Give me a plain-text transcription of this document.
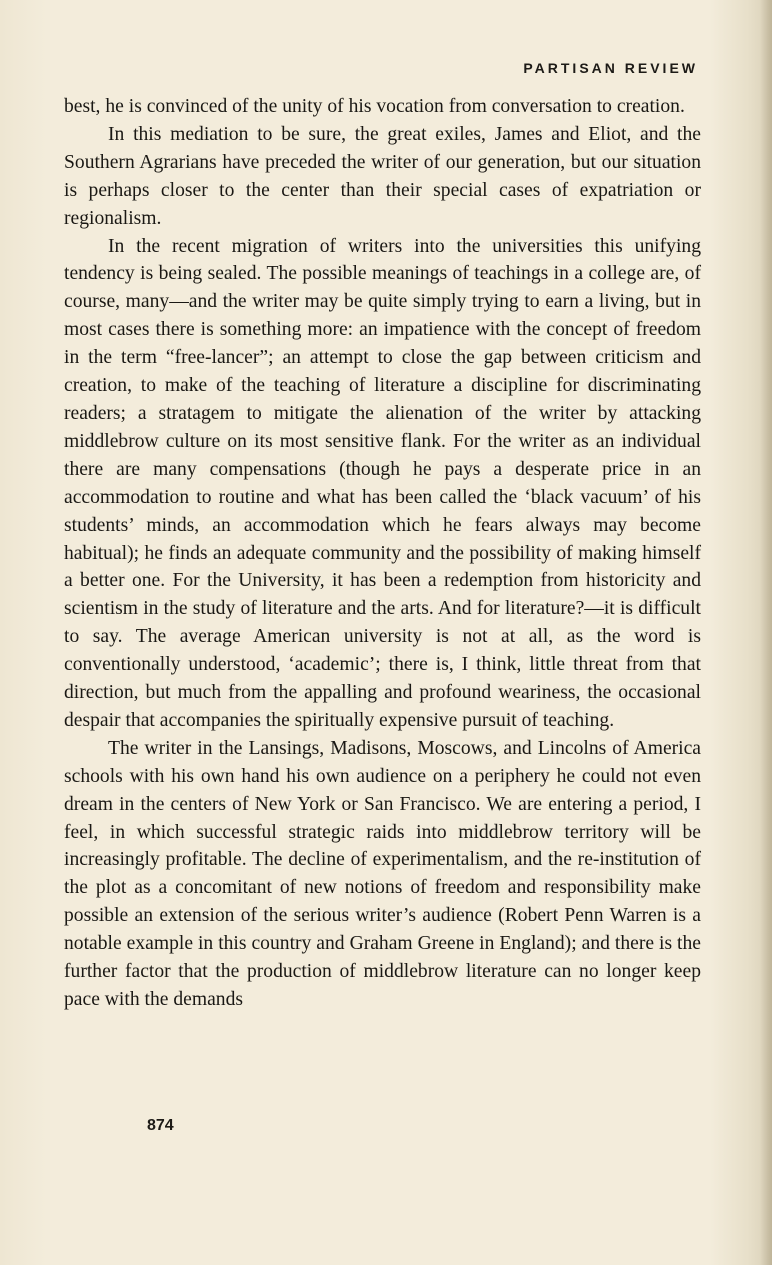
PARTISAN REVIEW

best, he is convinced of the unity of his vocation from conversation to creation.

In this mediation to be sure, the great exiles, James and Eliot, and the Southern Agrarians have preceded the writer of our generation, but our situation is perhaps closer to the center than their special cases of expatriation or regionalism.

In the recent migration of writers into the universities this unifying tendency is being sealed. The possible meanings of teachings in a college are, of course, many—and the writer may be quite simply trying to earn a living, but in most cases there is something more: an impatience with the concept of freedom in the term “free-lancer”; an attempt to close the gap between criticism and creation, to make of the teaching of literature a discipline for discriminating readers; a stratagem to mitigate the alienation of the writer by attacking middlebrow culture on its most sensitive flank. For the writer as an individual there are many compensations (though he pays a desperate price in an accommodation to routine and what has been called the ‘black vacuum’ of his students’ minds, an accommodation which he fears always may become habitual); he finds an adequate community and the possibility of making himself a better one. For the University, it has been a redemption from historicity and scientism in the study of literature and the arts. And for literature?—it is difficult to say. The average American university is not at all, as the word is conventionally understood, ‘academic’; there is, I think, little threat from that direction, but much from the appalling and profound weariness, the occasional despair that accompanies the spiritually expensive pursuit of teaching.

The writer in the Lansings, Madisons, Moscows, and Lincolns of America schools with his own hand his own audience on a periphery he could not even dream in the centers of New York or San Francisco. We are entering a period, I feel, in which successful strategic raids into middlebrow territory will be increasingly profitable. The decline of experimentalism, and the re-institution of the plot as a concomitant of new notions of freedom and responsibility make possible an extension of the serious writer’s audience (Robert Penn Warren is a notable example in this country and Graham Greene in England); and there is the further factor that the production of middlebrow literature can no longer keep pace with the demands

874
